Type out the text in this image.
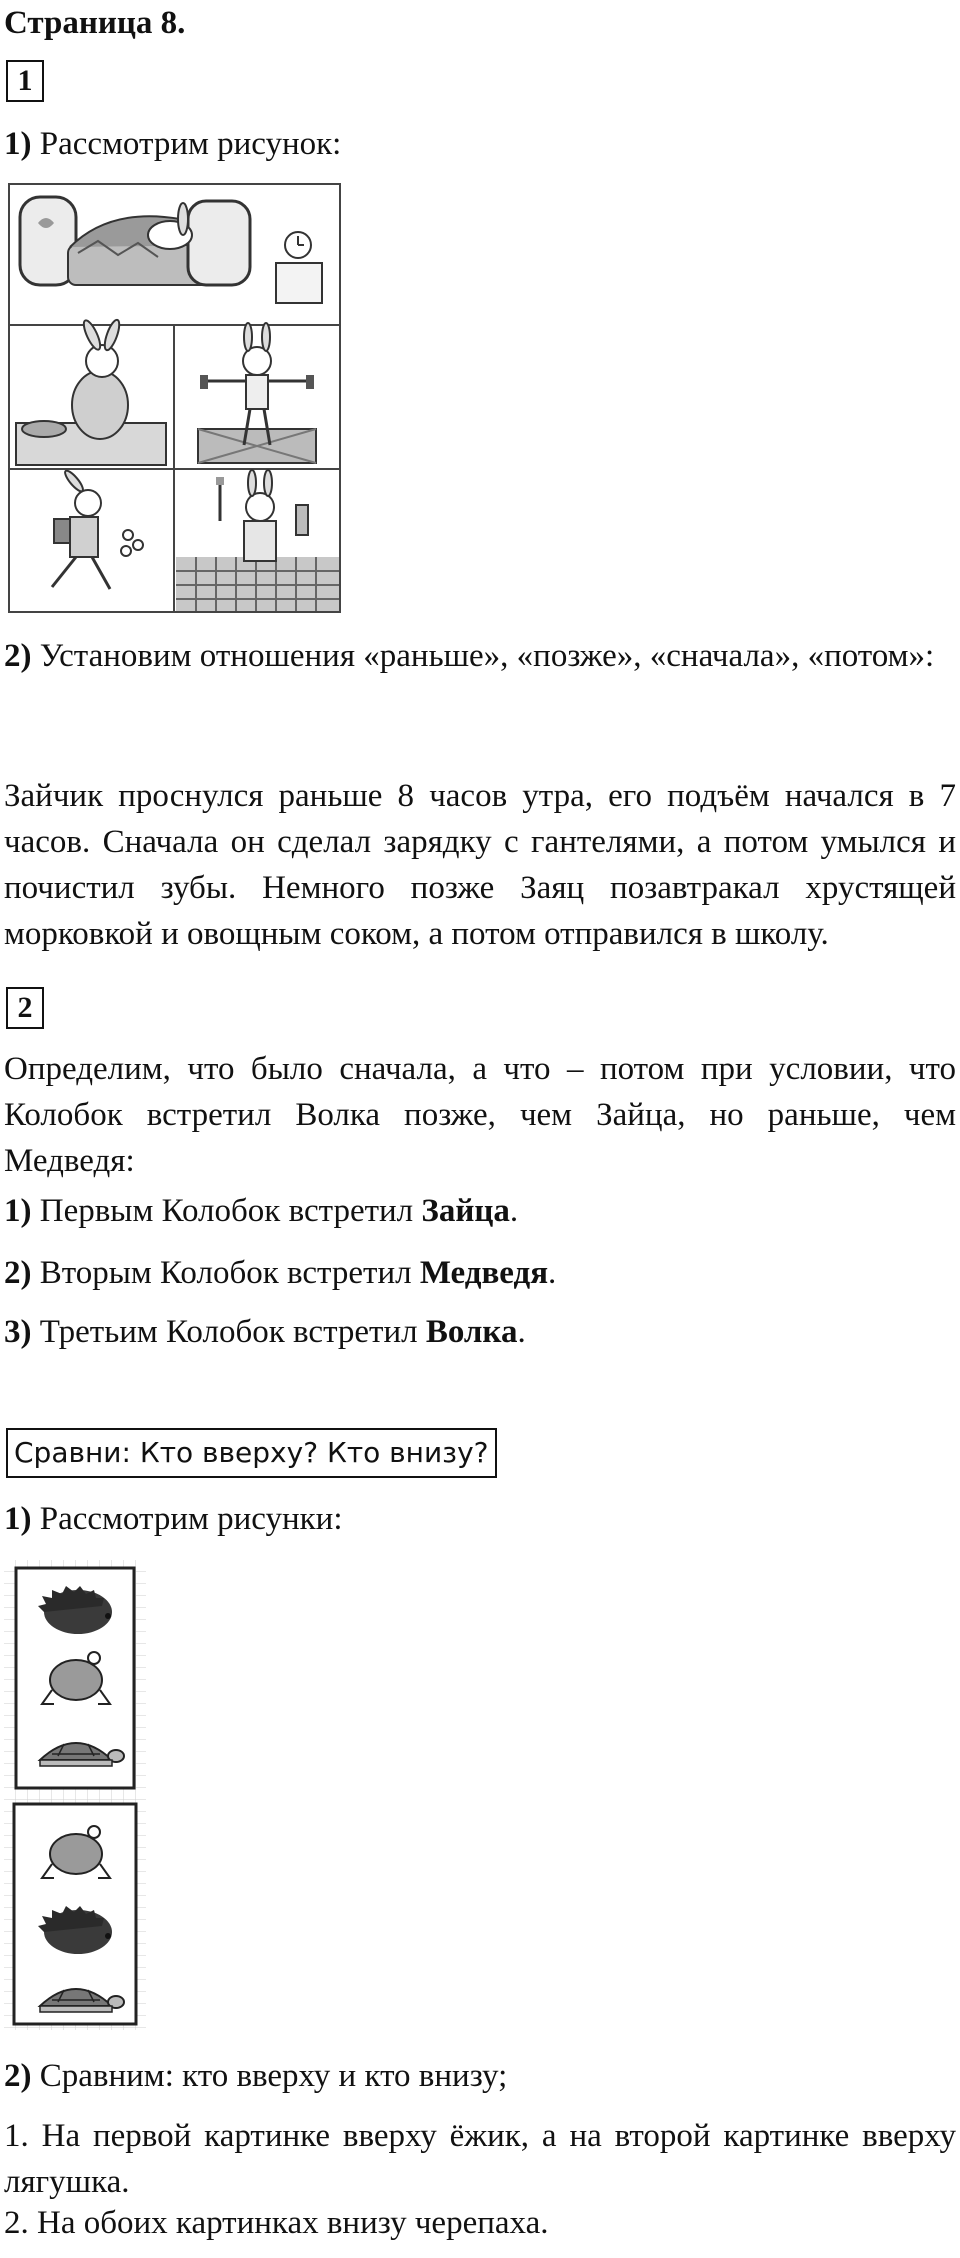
Страница 8.

1

1) Рассмотрим рисунок:

2) Установим отношения «раньше», «позже», «сначала», «потом»:

Зайчик проснулся раньше 8 часов утра, его подъём начался в 7 часов. Сначала он сделал зарядку с гантелями, а потом умылся и почистил зубы. Немного позже Заяц позавтракал хрустящей морковкой и овощным соком, а потом отправился в школу.

2

Определим, что было сначала, а что – потом при условии, что Колобок встретил Волка позже, чем Зайца, но раньше, чем Медведя:

1) Первым Колобок встретил Зайца.

2) Вторым Колобок встретил Медведя.

3) Третьим Колобок встретил Волка.

Сравни: Кто вверху? Кто внизу?

1) Рассмотрим рисунки:

2) Сравним: кто вверху и кто внизу;

1. На первой картинке вверху ёжик, а на второй картинке вверху лягушка.

2. На обоих картинках внизу черепаха.
